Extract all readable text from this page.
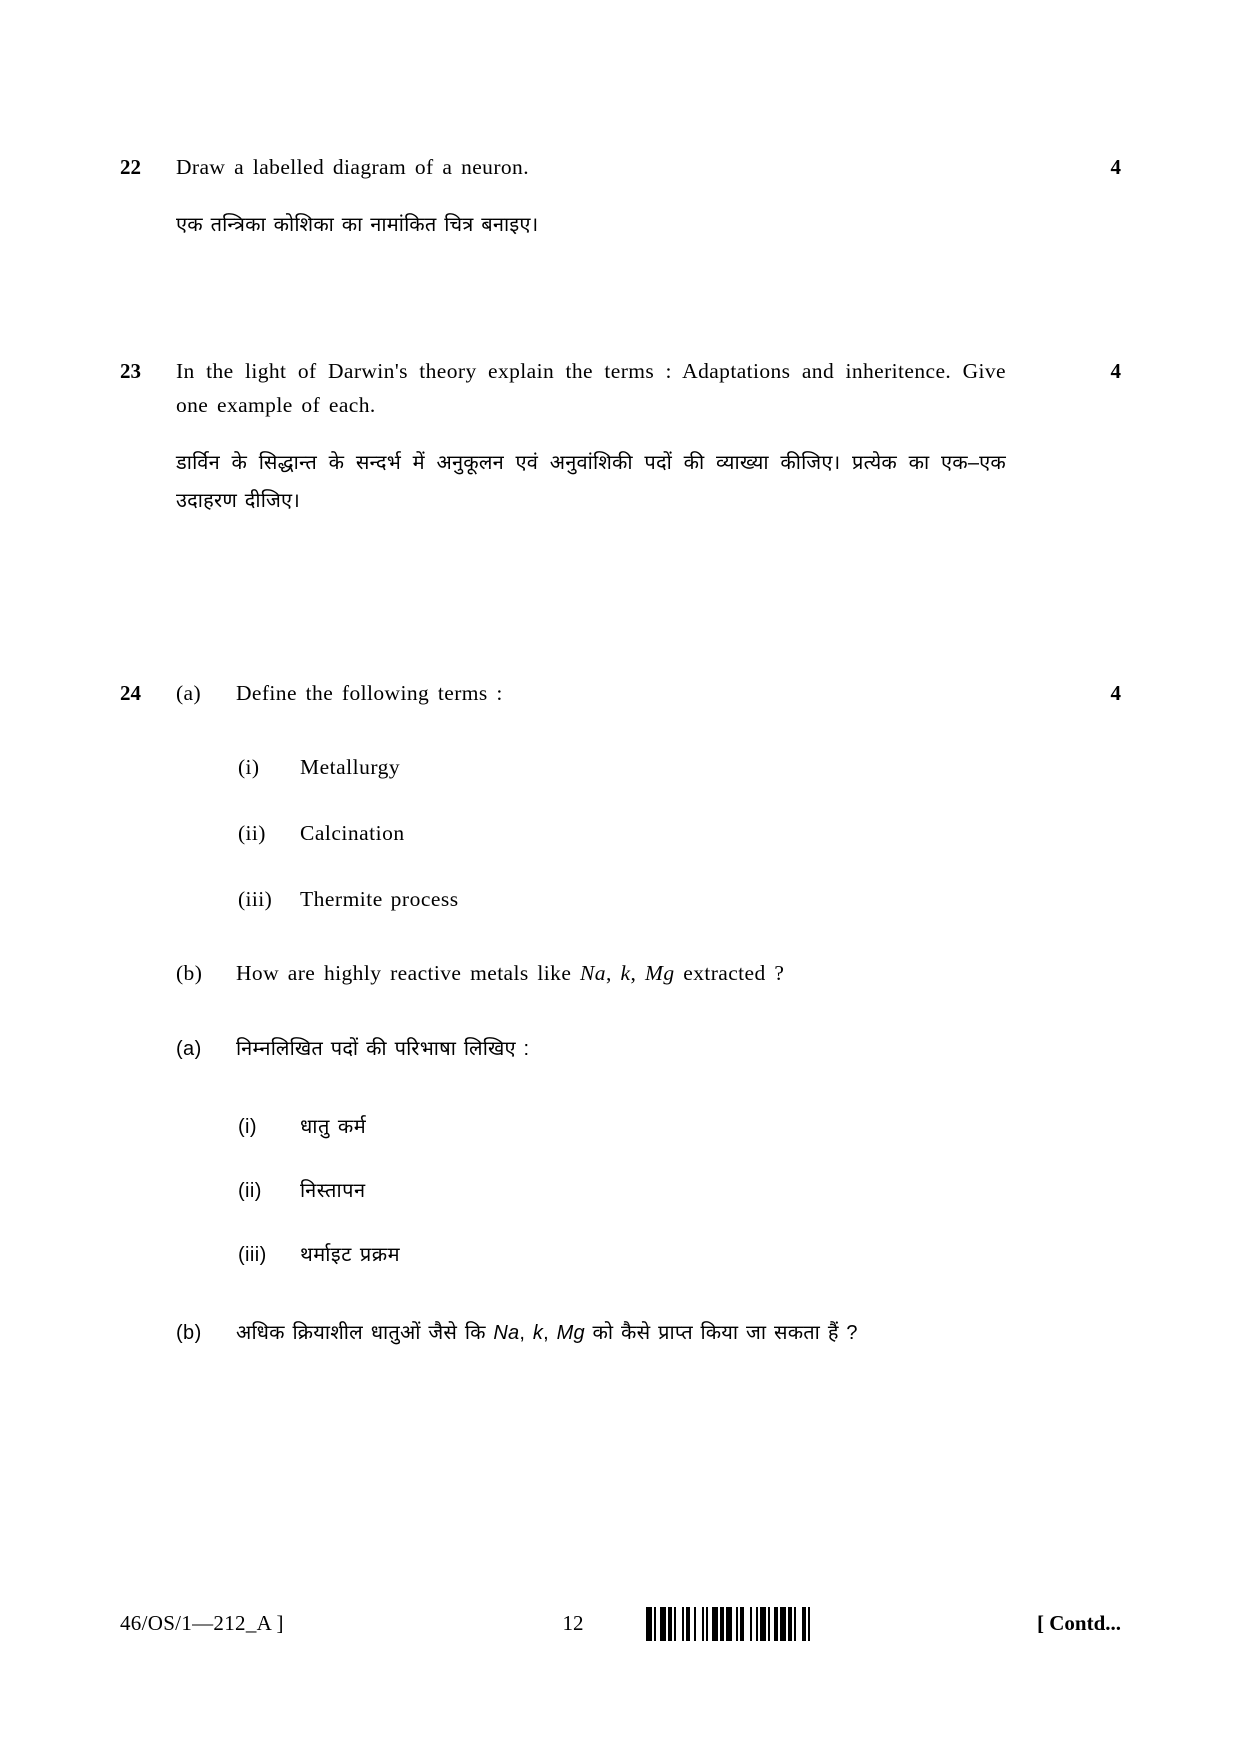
4
22	Draw a labelled diagram of a neuron.
एक तन्त्रिका कोशिका का नामांकित चित्र बनाइए।
4
23	In the light of Darwin's theory explain the terms : Adaptations and inheritence. Give one example of each.
डार्विन के सिद्धान्त के सन्दर्भ में अनुकूलन एवं अनुवांशिकी पदों की व्याख्या कीजिए। प्रत्येक का एक–एक उदाहरण दीजिए।
4
24	(a)	Define the following terms :
(i)	Metallurgy
(ii)	Calcination
(iii)	Thermite process
(b)	How are highly reactive metals like Na, k, Mg extracted ?
(a)	निम्नलिखित पदों की परिभाषा लिखिए :
(i)	धातु कर्म
(ii)	निस्तापन
(iii)	थर्माइट प्रक्रम
(b)	अधिक क्रियाशील धातुओं जैसे कि Na, k, Mg को कैसे प्राप्त किया जा सकता हैं ?
46/OS/1—212_A ]	12	[ Contd...
